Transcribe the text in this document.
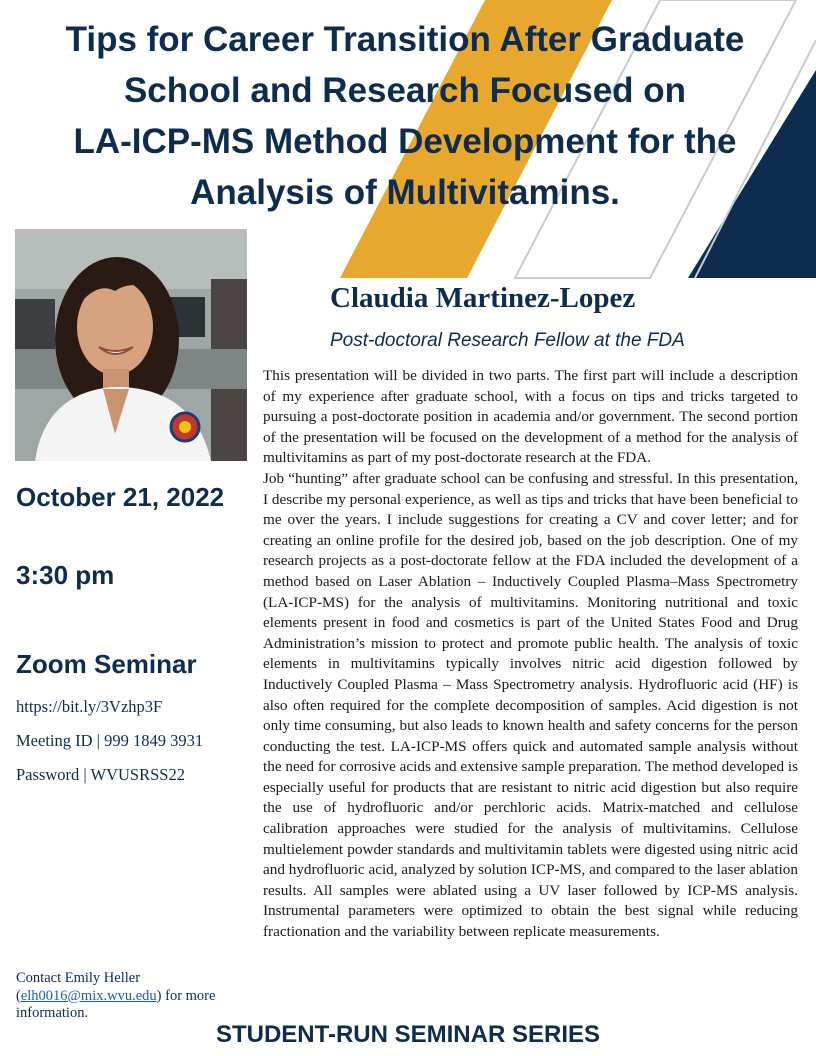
Tips for Career Transition After Graduate
School and Research Focused on
LA-ICP-MS Method Development for the
Analysis of Multivitamins.
Claudia Martinez-Lopez

Post-doctoral Research Fellow at the FDA

This presentation will be divided in two parts. The first part will include a description of my experience after graduate school, with a focus on tips and tricks targeted to pursuing a post-doctorate position in academia and/or government. The second portion of the presentation will be focused on the development of a method for the analysis of multivitamins as part of my post-doctorate research at the FDA.

Job “hunting” after graduate school can be confusing and stressful. In this presentation, I describe my personal experience, as well as tips and tricks that have been beneficial to me over the years. I include suggestions for creating a CV and cover letter; and for creating an online profile for the desired job, based on the job description. One of my research projects as a post-doctorate fellow at the FDA included the development of a method based on Laser Ablation – Inductively Coupled Plasma–Mass Spectrometry (LA-ICP-MS) for the analysis of multivitamins. Monitoring nutritional and toxic elements present in food and cosmetics is part of the United States Food and Drug Administration’s mission to protect and promote public health. The analysis of toxic elements in multivitamins typically involves nitric acid digestion followed by Inductively Coupled Plasma – Mass Spectrometry analysis. Hydrofluoric acid (HF) is also often required for the complete decomposition of samples. Acid digestion is not only time consuming, but also leads to known health and safety concerns for the person conducting the test. LA-ICP-MS offers quick and automated sample analysis without the need for corrosive acids and extensive sample preparation. The method developed is especially useful for products that are resistant to nitric acid digestion but also require the use of hydrofluoric and/or perchloric acids. Matrix-matched and cellulose calibration approaches were studied for the analysis of multivitamins. Cellulose multielement powder standards and multivitamin tablets were digested using nitric acid and hydrofluoric acid, analyzed by solution ICP-MS, and compared to the laser ablation results. All samples were ablated using a UV laser followed by ICP-MS analysis. Instrumental parameters were optimized to obtain the best signal while reducing fractionation and the variability between replicate measurements.

October 21, 2022

3:30 pm

Zoom Seminar

https://bit.ly/3Vzhp3F
Meeting ID | 999 1849 3931
Password | WVUSRSS22

Contact Emily Heller
(elh0016@mix.wvu.edu) for more information.

STUDENT-RUN SEMINAR SERIES
